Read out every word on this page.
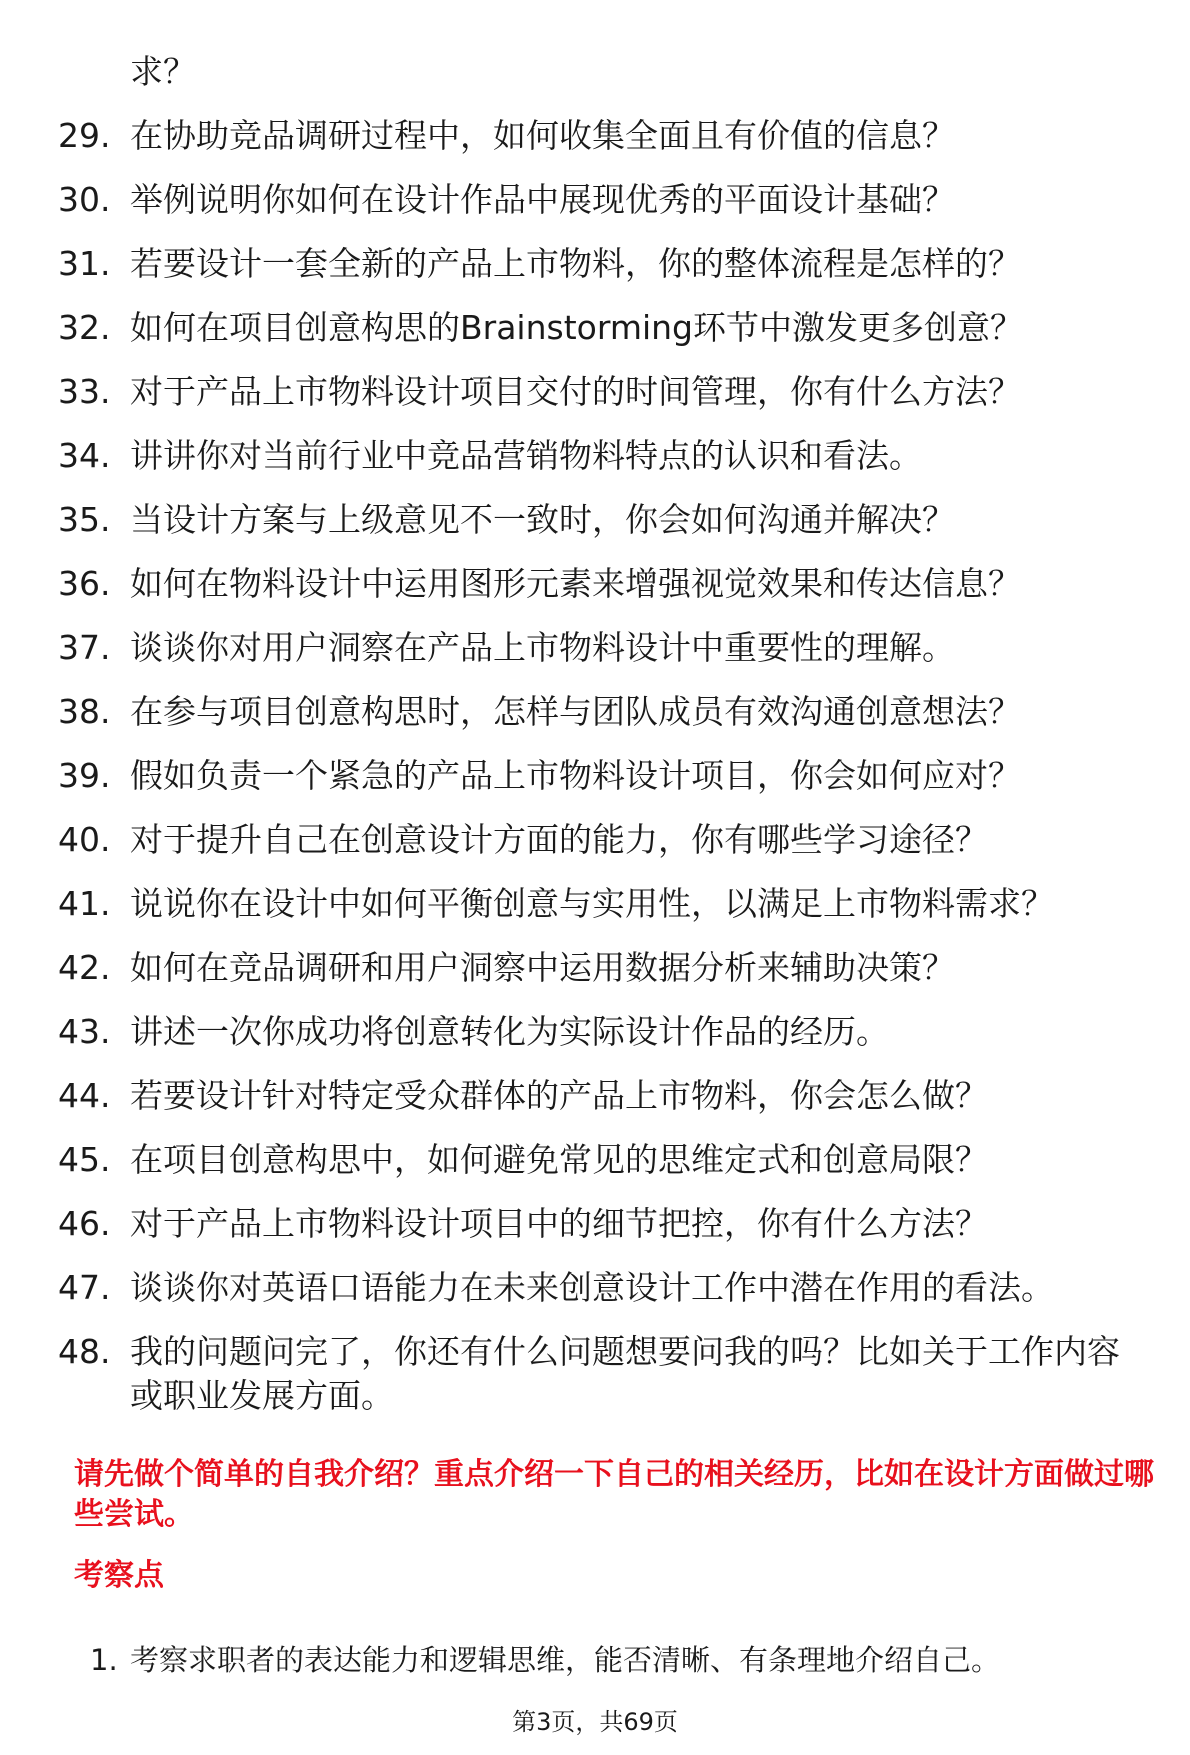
求？
29. 在协助竞品调研过程中，如何收集全面且有价值的信息？
30. 举例说明你如何在设计作品中展现优秀的平面设计基础？
31. 若要设计一套全新的产品上市物料，你的整体流程是怎样的？
32. 如何在项目创意构思的Brainstorming环节中激发更多创意？
33. 对于产品上市物料设计项目交付的时间管理，你有什么方法？
34. 讲讲你对当前行业中竞品营销物料特点的认识和看法。
35. 当设计方案与上级意见不一致时，你会如何沟通并解决？
36. 如何在物料设计中运用图形元素来增强视觉效果和传达信息？
37. 谈谈你对用户洞察在产品上市物料设计中重要性的理解。
38. 在参与项目创意构思时，怎样与团队成员有效沟通创意想法？
39. 假如负责一个紧急的产品上市物料设计项目，你会如何应对？
40. 对于提升自己在创意设计方面的能力，你有哪些学习途径？
41. 说说你在设计中如何平衡创意与实用性，以满足上市物料需求？
42. 如何在竞品调研和用户洞察中运用数据分析来辅助决策？
43. 讲述一次你成功将创意转化为实际设计作品的经历。
44. 若要设计针对特定受众群体的产品上市物料，你会怎么做？
45. 在项目创意构思中，如何避免常见的思维定式和创意局限？
46. 对于产品上市物料设计项目中的细节把控，你有什么方法？
47. 谈谈你对英语口语能力在未来创意设计工作中潜在作用的看法。
48. 我的问题问完了，你还有什么问题想要问我的吗？比如关于工作内容或职业发展方面。

请先做个简单的自我介绍？重点介绍一下自己的相关经历，比如在设计方面做过哪些尝试。

考察点

1. 考察求职者的表达能力和逻辑思维，能否清晰、有条理地介绍自己。
第3页，共69页
